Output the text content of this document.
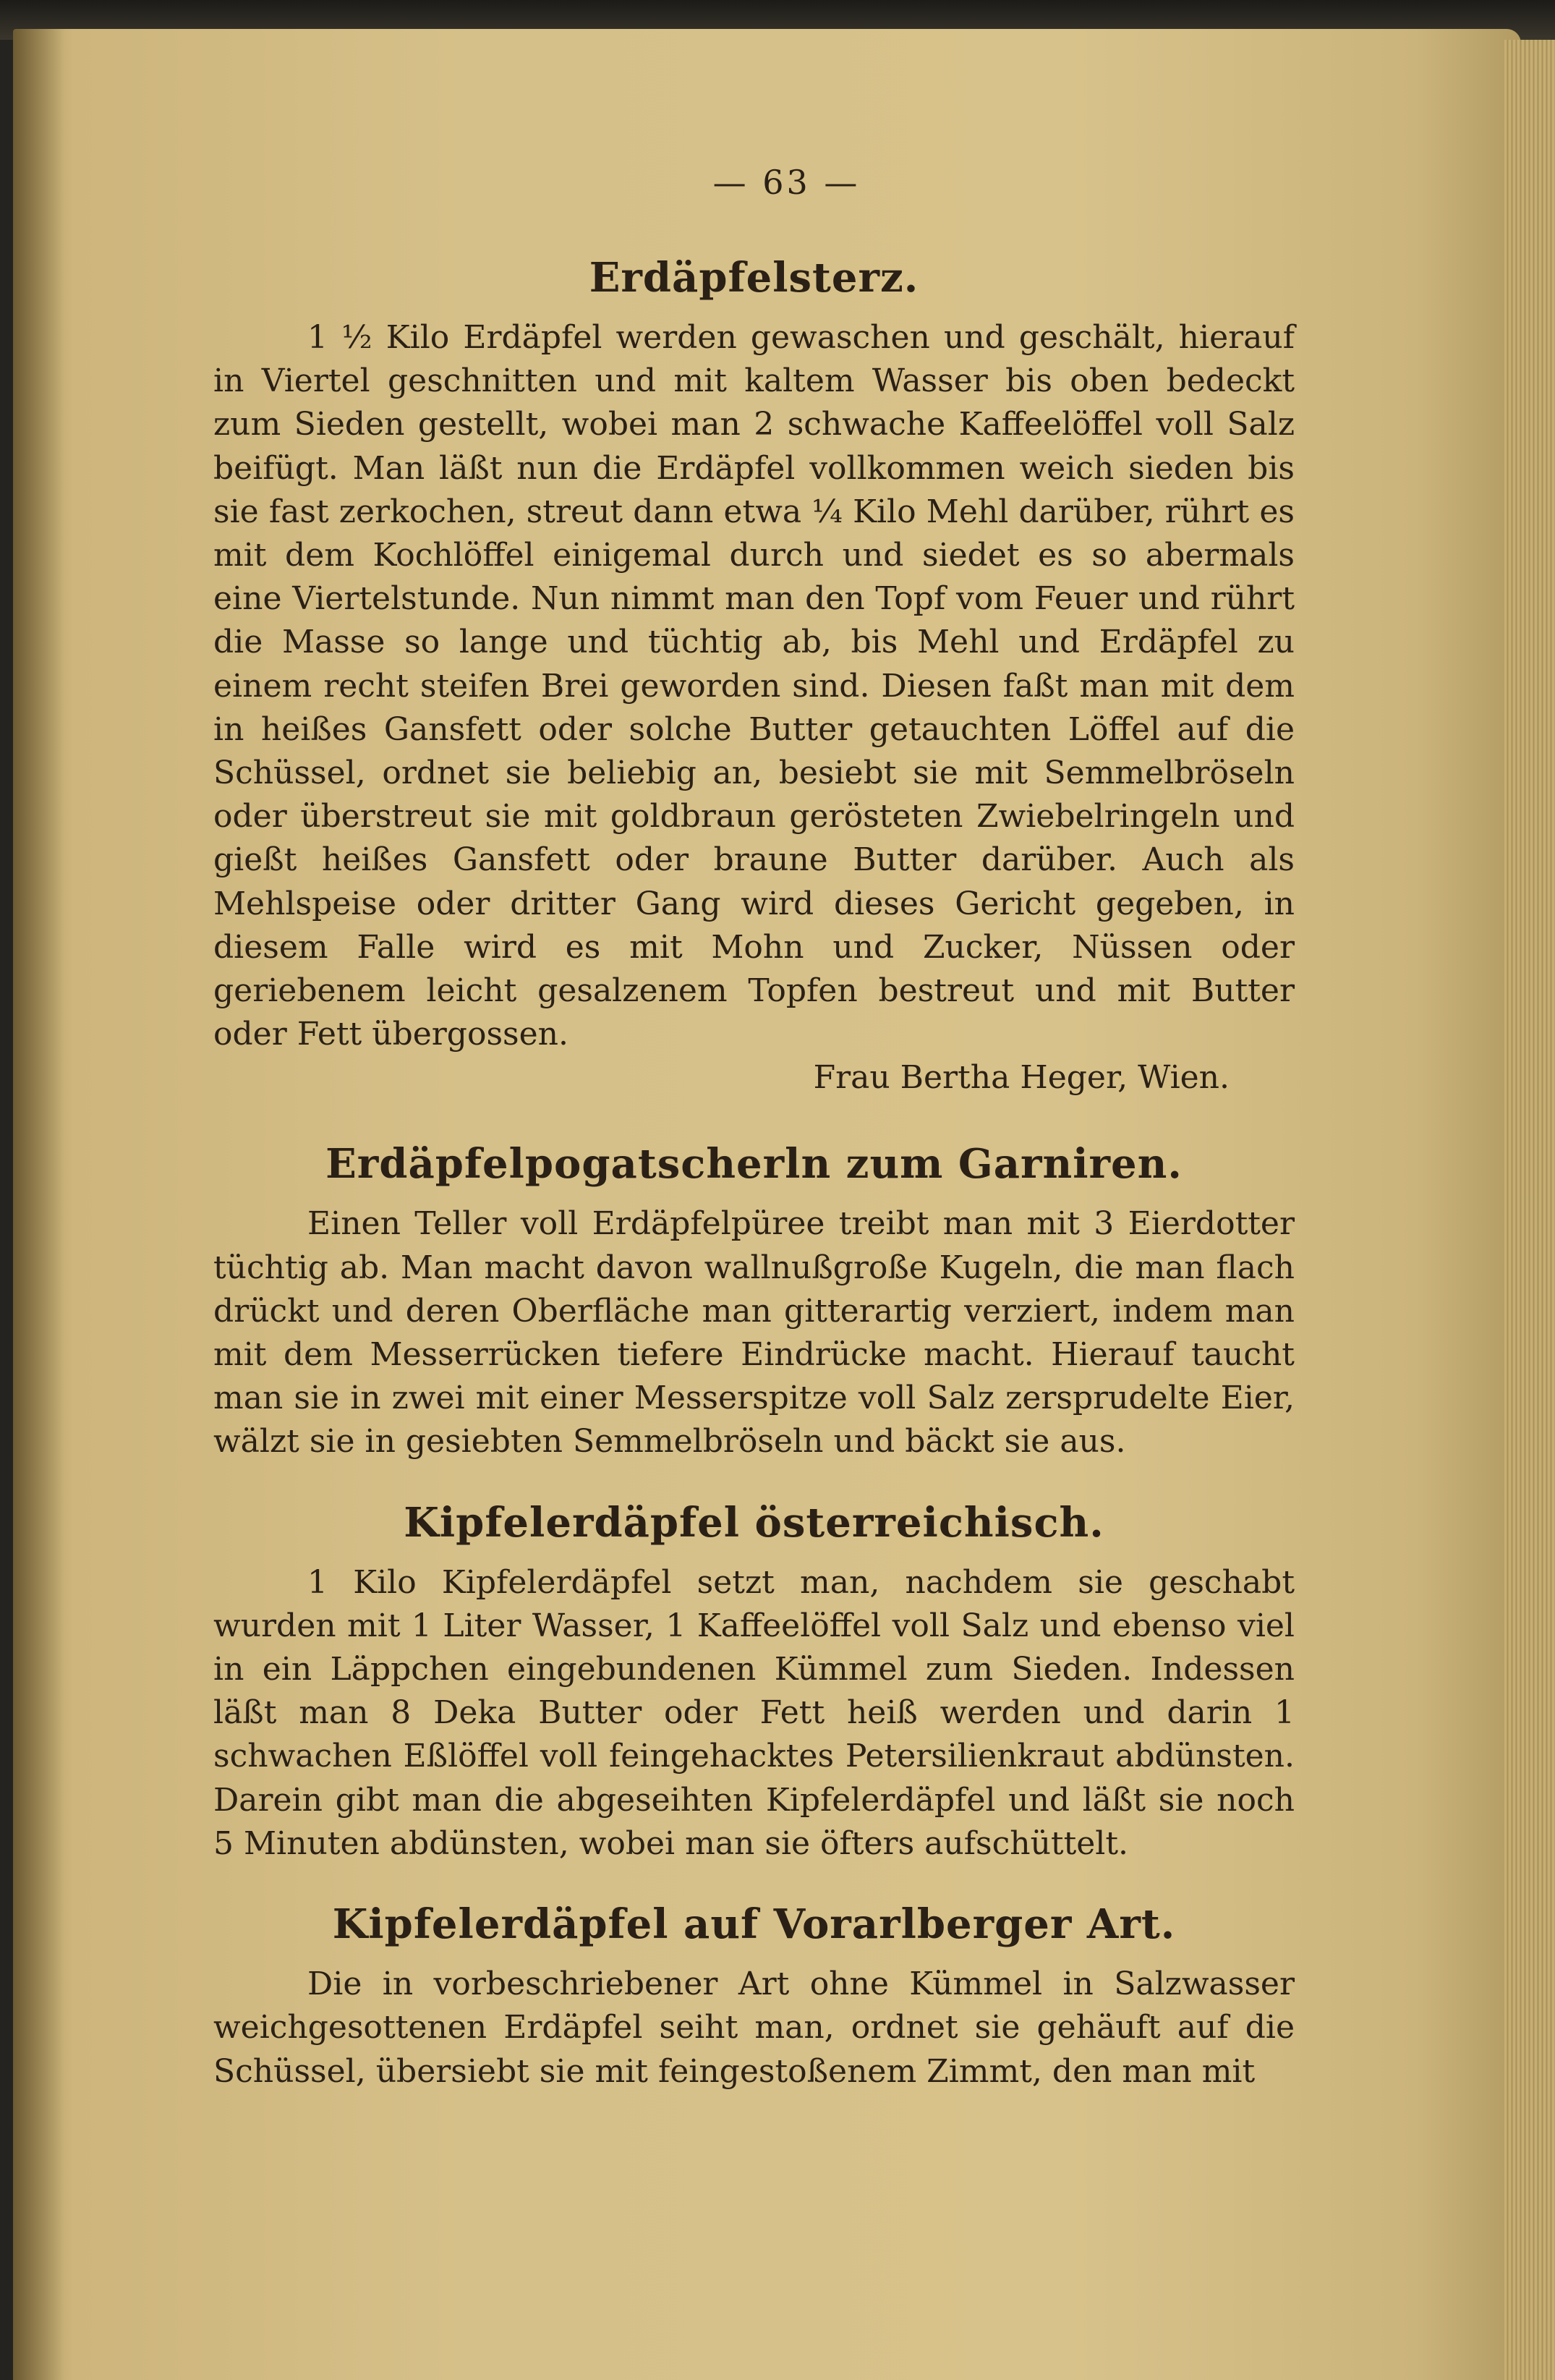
— 63 —
Erdäpfelsterz.

1 ½ Kilo Erdäpfel werden gewaschen und geschält, hierauf in Viertel geschnitten und mit kaltem Wasser bis oben bedeckt zum Sieden gestellt, wobei man 2 schwache Kaffeelöffel voll Salz beifügt. Man läßt nun die Erdäpfel vollkommen weich sieden bis sie fast zerkochen, streut dann etwa ¼ Kilo Mehl darüber, rührt es mit dem Kochlöffel einigemal durch und siedet es so abermals eine Viertelstunde. Nun nimmt man den Topf vom Feuer und rührt die Masse so lange und tüchtig ab, bis Mehl und Erdäpfel zu einem recht steifen Brei geworden sind. Diesen faßt man mit dem in heißes Gansfett oder solche Butter getauchten Löffel auf die Schüssel, ordnet sie beliebig an, besiebt sie mit Semmelbröseln oder überstreut sie mit goldbraun gerösteten Zwiebelringeln und gießt heißes Gansfett oder braune Butter darüber. Auch als Mehlspeise oder dritter Gang wird dieses Gericht gegeben, in diesem Falle wird es mit Mohn und Zucker, Nüssen oder geriebenem leicht gesalzenem Topfen bestreut und mit Butter oder Fett übergossen.

Frau Bertha Heger, Wien.

Erdäpfelpogatscherln zum Garniren.

Einen Teller voll Erdäpfelpüree treibt man mit 3 Eierdotter tüchtig ab. Man macht davon wallnußgroße Kugeln, die man flach drückt und deren Oberfläche man gitterartig verziert, indem man mit dem Messerrücken tiefere Eindrücke macht. Hierauf taucht man sie in zwei mit einer Messerspitze voll Salz zersprudelte Eier, wälzt sie in gesiebten Semmelbröseln und bäckt sie aus.

Kipfelerdäpfel österreichisch.

1 Kilo Kipfelerdäpfel setzt man, nachdem sie geschabt wurden mit 1 Liter Wasser, 1 Kaffeelöffel voll Salz und ebenso viel in ein Läppchen eingebundenen Kümmel zum Sieden. Indessen läßt man 8 Deka Butter oder Fett heiß werden und darin 1 schwachen Eßlöffel voll feingehacktes Petersilienkraut abdünsten. Darein gibt man die abgeseihten Kipfelerdäpfel und läßt sie noch 5 Minuten abdünsten, wobei man sie öfters aufschüttelt.

Kipfelerdäpfel auf Vorarlberger Art.

Die in vorbeschriebener Art ohne Kümmel in Salzwasser weichgesottenen Erdäpfel seiht man, ordnet sie gehäuft auf die Schüssel, übersiebt sie mit feingestoßenem Zimmt, den man mit
